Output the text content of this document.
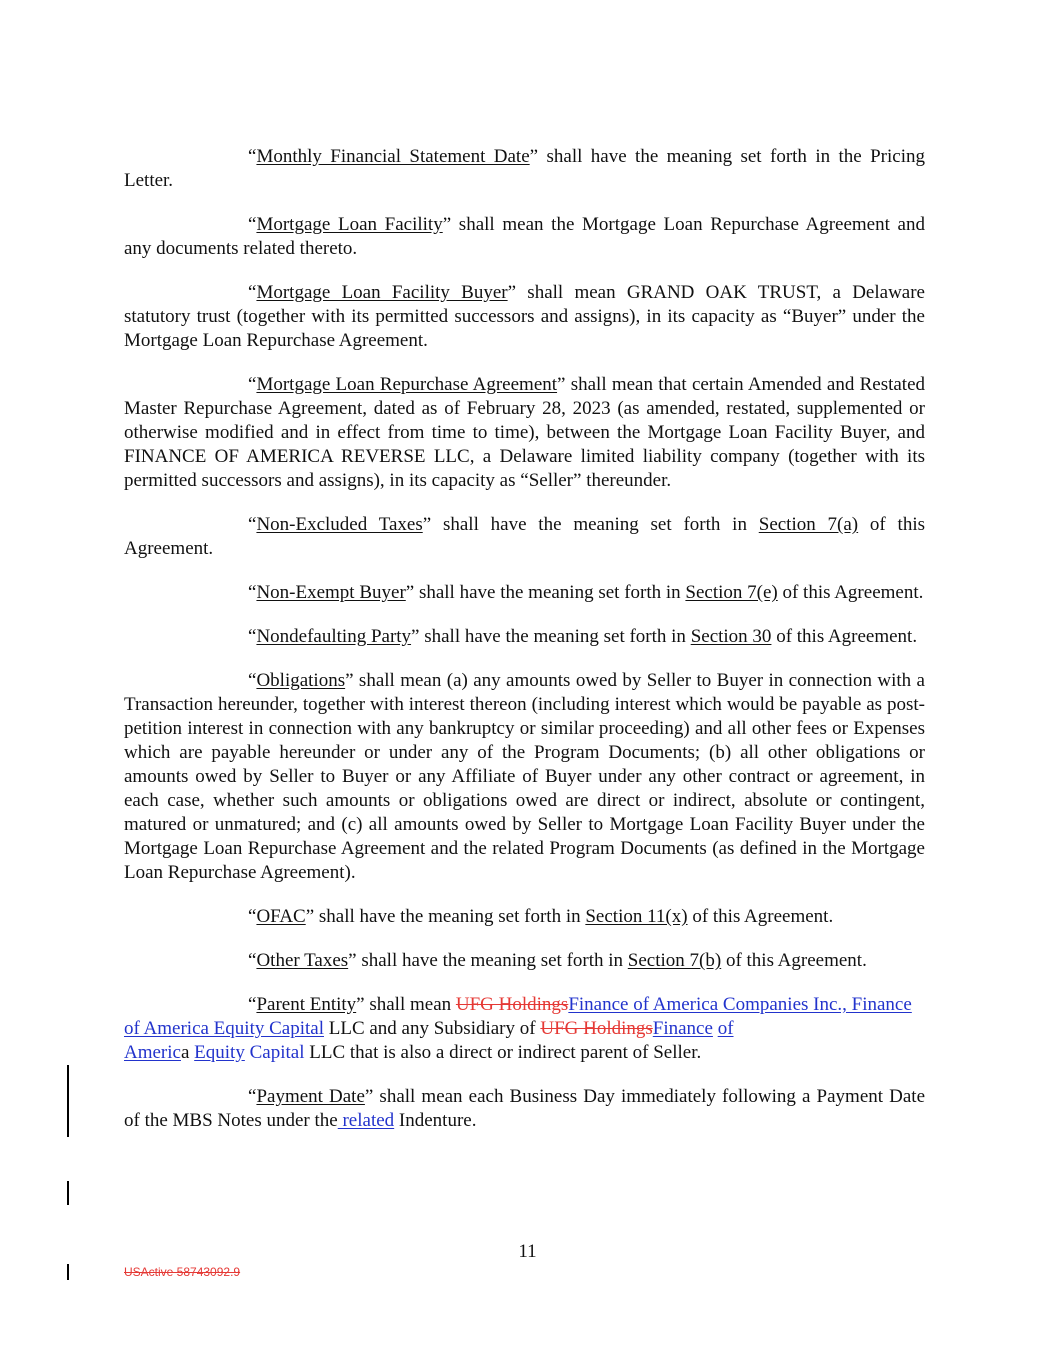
“Monthly Financial Statement Date” shall have the meaning set forth in the Pricing Letter.

“Mortgage Loan Facility” shall mean the Mortgage Loan Repurchase Agreement and any documents related thereto.

“Mortgage Loan Facility Buyer” shall mean GRAND OAK TRUST, a Delaware statutory trust (together with its permitted successors and assigns), in its capacity as “Buyer” under the Mortgage Loan Repurchase Agreement.

“Mortgage Loan Repurchase Agreement” shall mean that certain Amended and Restated Master Repurchase Agreement, dated as of February 28, 2023 (as amended, restated, supplemented or otherwise modified and in effect from time to time), between the Mortgage Loan Facility Buyer, and FINANCE OF AMERICA REVERSE LLC, a Delaware limited liability company (together with its permitted successors and assigns), in its capacity as “Seller” thereunder.

“Non-Excluded Taxes” shall have the meaning set forth in Section 7(a) of this Agreement.

“Non-Exempt Buyer” shall have the meaning set forth in Section 7(e) of this Agreement.

“Nondefaulting Party” shall have the meaning set forth in Section 30 of this Agreement.

“Obligations” shall mean (a) any amounts owed by Seller to Buyer in connection with a Transaction hereunder, together with interest thereon (including interest which would be payable as post-petition interest in connection with any bankruptcy or similar proceeding) and all other fees or Expenses which are payable hereunder or under any of the Program Documents; (b) all other obligations or amounts owed by Seller to Buyer or any Affiliate of Buyer under any other contract or agreement, in each case, whether such amounts or obligations owed are direct or indirect, absolute or contingent, matured or unmatured; and (c) all amounts owed by Seller to Mortgage Loan Facility Buyer under the Mortgage Loan Repurchase Agreement and the related Program Documents (as defined in the Mortgage Loan Repurchase Agreement).

“OFAC” shall have the meaning set forth in Section 11(x) of this Agreement.

“Other Taxes” shall have the meaning set forth in Section 7(b) of this Agreement.

“Parent Entity” shall mean UFG HoldingsFinance of America Companies Inc., Finance of America Equity Capital LLC and any Subsidiary of UFG HoldingsFinance of
America Equity Capital LLC that is also a direct or indirect parent of Seller.

“Payment Date” shall mean each Business Day immediately following a Payment Date of the MBS Notes under the related Indenture.

11
USActive 58743092.9
